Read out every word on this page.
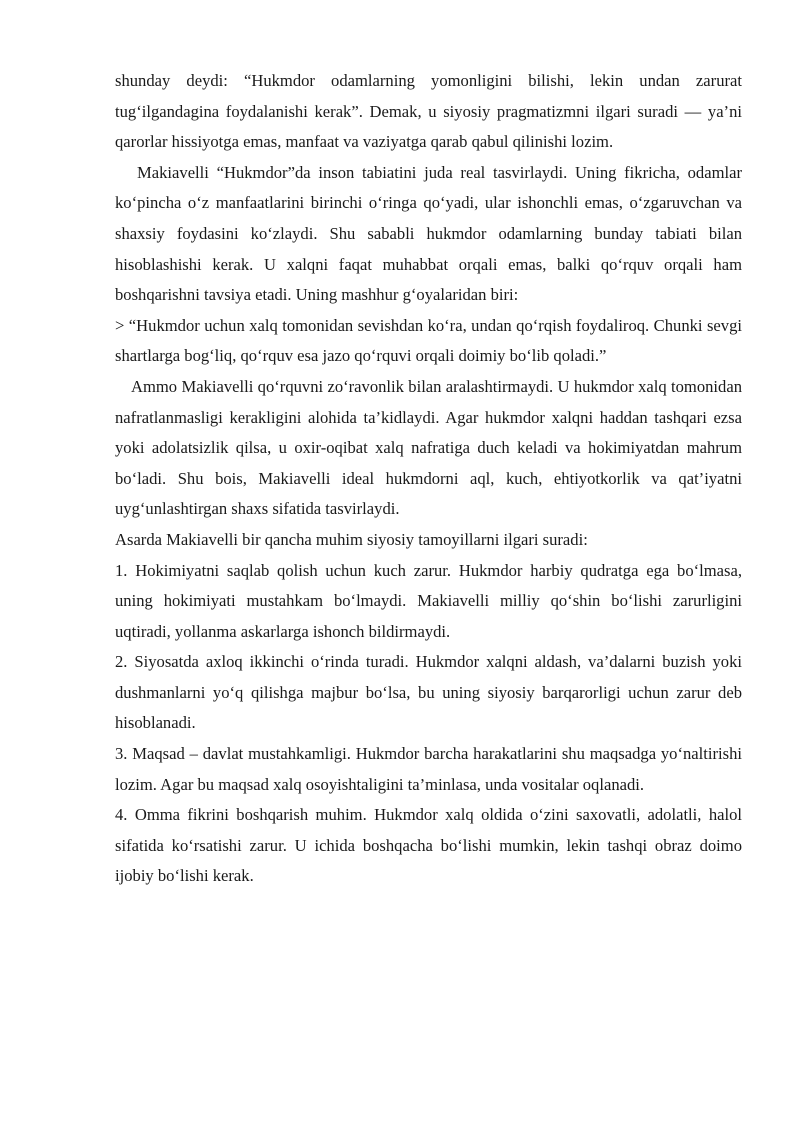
shunday deydi: “Hukmdor odamlarning yomonligini bilishi, lekin undan zarurat tug‘ilgandagina foydalanishi kerak”. Demak, u siyosiy pragmatizmni ilgari suradi — ya’ni qarorlar hissiyotga emas, manfaat va vaziyatga qarab qabul qilinishi lozim.

Makiavelli “Hukmdor”da inson tabiatini juda real tasvirlaydi. Uning fikricha, odamlar ko‘pincha o‘z manfaatlarini birinchi o‘ringa qo‘yadi, ular ishonchli emas, o‘zgaruvchan va shaxsiy foydasini ko‘zlaydi. Shu sababli hukmdor odamlarning bunday tabiati bilan hisoblashishi kerak. U xalqni faqat muhabbat orqali emas, balki qo‘rquv orqali ham boshqarishni tavsiya etadi. Uning mashhur g‘oyalaridan biri:

> “Hukmdor uchun xalq tomonidan sevishdan ko‘ra, undan qo‘rqish foydaliroq. Chunki sevgi shartlarga bog‘liq, qo‘rquv esa jazo qo‘rquvi orqali doimiy bo‘lib qoladi.”

Ammo Makiavelli qo‘rquvni zo‘ravonlik bilan aralashtirmaydi. U hukmdor xalq tomonidan nafratlanmasligi kerakligini alohida ta’kidlaydi. Agar hukmdor xalqni haddan tashqari ezsa yoki adolatsizlik qilsa, u oxir-oqibat xalq nafratiga duch keladi va hokimiyatdan mahrum bo‘ladi. Shu bois, Makiavelli ideal hukmdorni aql, kuch, ehtiyotkorlik va qat’iyatni uyg‘unlashtirgan shaxs sifatida tasvirlaydi.

Asarda Makiavelli bir qancha muhim siyosiy tamoyillarni ilgari suradi:

1. Hokimiyatni saqlab qolish uchun kuch zarur. Hukmdor harbiy qudratga ega bo‘lmasa, uning hokimiyati mustahkam bo‘lmaydi. Makiavelli milliy qo‘shin bo‘lishi zarurligini uqtiradi, yollanma askarlarga ishonch bildirmaydi.

2. Siyosatda axloq ikkinchi o‘rinda turadi. Hukmdor xalqni aldash, va’dalarni buzish yoki dushmanlarni yo‘q qilishga majbur bo‘lsa, bu uning siyosiy barqarorligi uchun zarur deb hisoblanadi.

3. Maqsad – davlat mustahkamligi. Hukmdor barcha harakatlarini shu maqsadga yo‘naltirishi lozim. Agar bu maqsad xalq osoyishtaligini ta’minlasa, unda vositalar oqlanadi.

4. Omma fikrini boshqarish muhim. Hukmdor xalq oldida o‘zini saxovatli, adolatli, halol sifatida ko‘rsatishi zarur. U ichida boshqacha bo‘lishi mumkin, lekin tashqi obraz doimo ijobiy bo‘lishi kerak.
